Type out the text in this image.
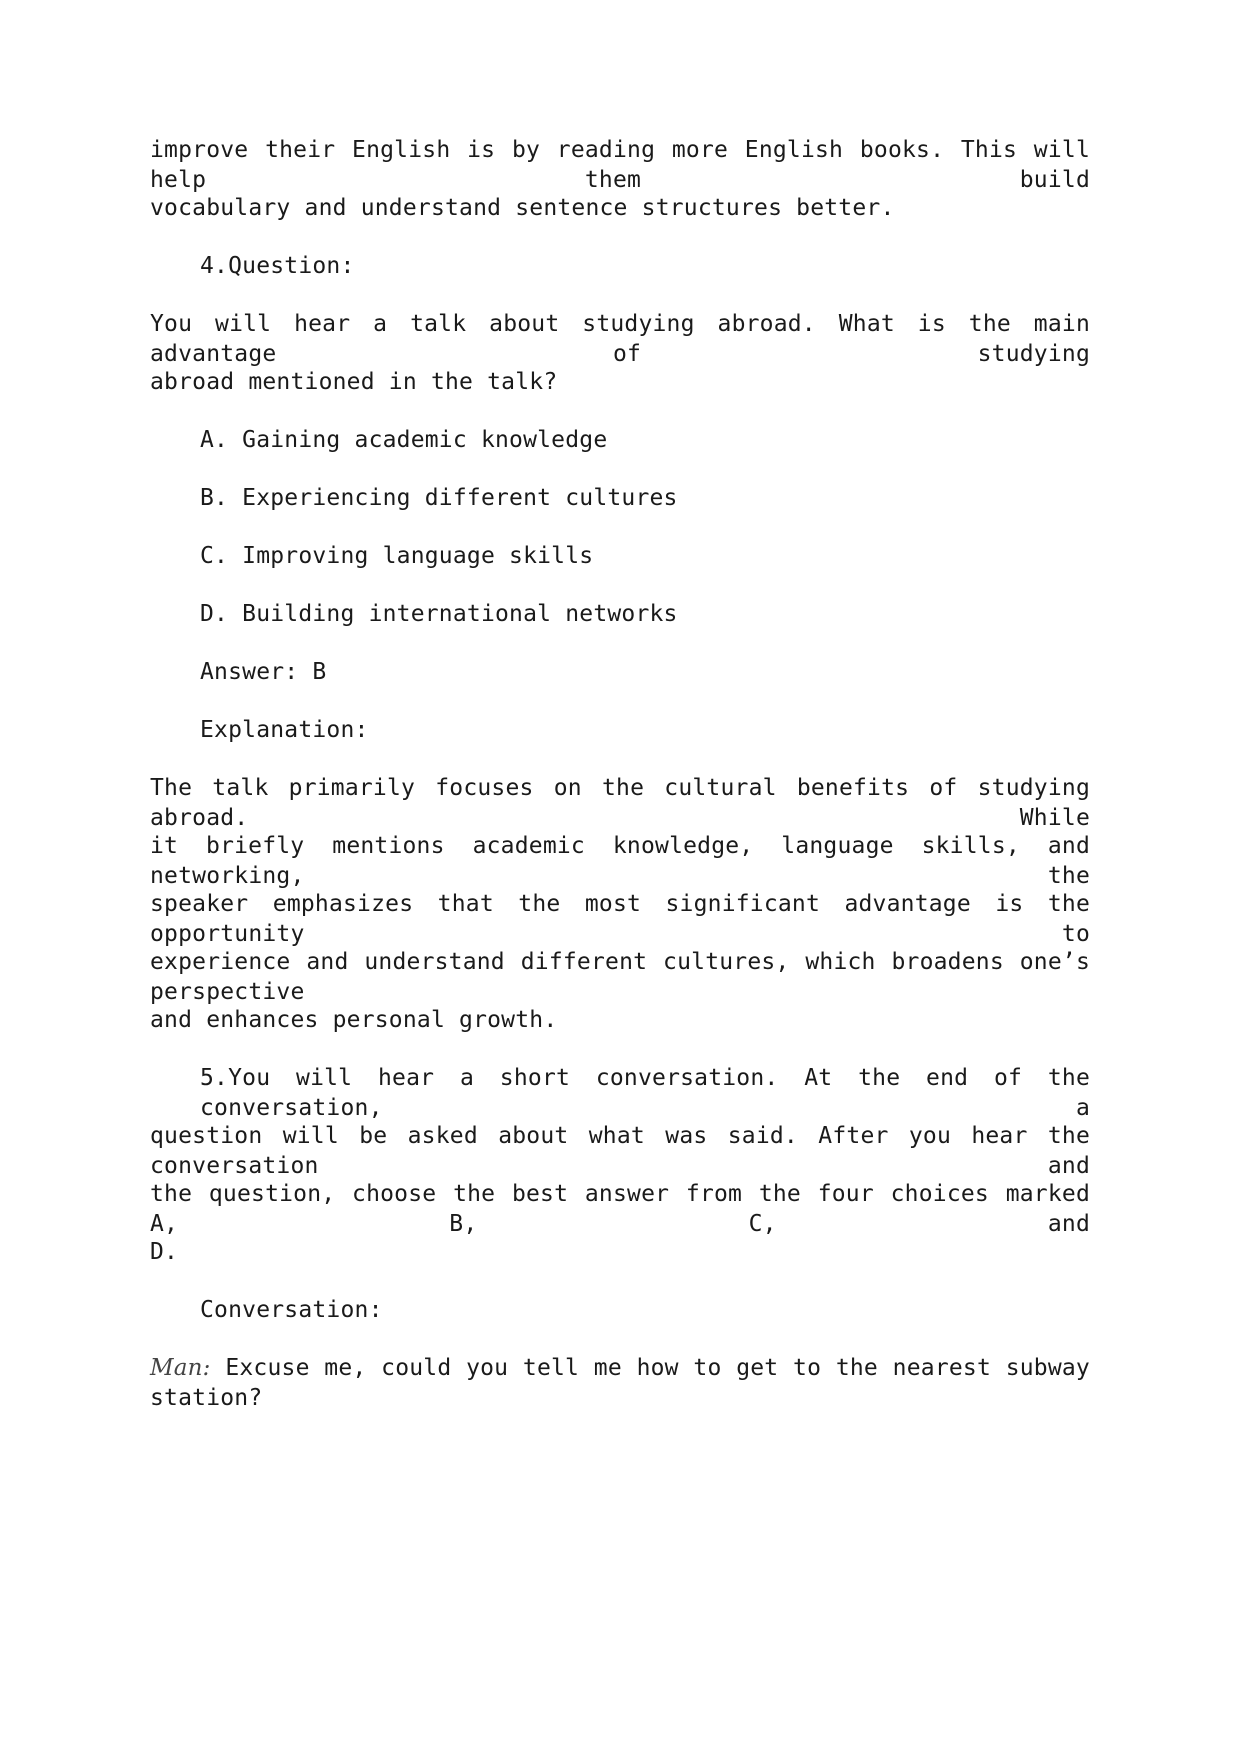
improve their English is by reading more English books. This will help them build
vocabulary and understand sentence structures better.
4.Question:
You will hear a talk about studying abroad. What is the main advantage of studying
abroad mentioned in the talk?
A. Gaining academic knowledge
B. Experiencing different cultures
C. Improving language skills
D. Building international networks
Answer: B
Explanation:
The talk primarily focuses on the cultural benefits of studying abroad. While
it briefly mentions academic knowledge, language skills, and networking, the
speaker emphasizes that the most significant advantage is the opportunity to
experience and understand different cultures, which broadens one’s perspective
and enhances personal growth.
5.You will hear a short conversation. At the end of the conversation, a
question will be asked about what was said. After you hear the conversation and
the question, choose the best answer from the four choices marked A, B, C, and
D.
Conversation:
Man: Excuse me, could you tell me how to get to the nearest subway station?
